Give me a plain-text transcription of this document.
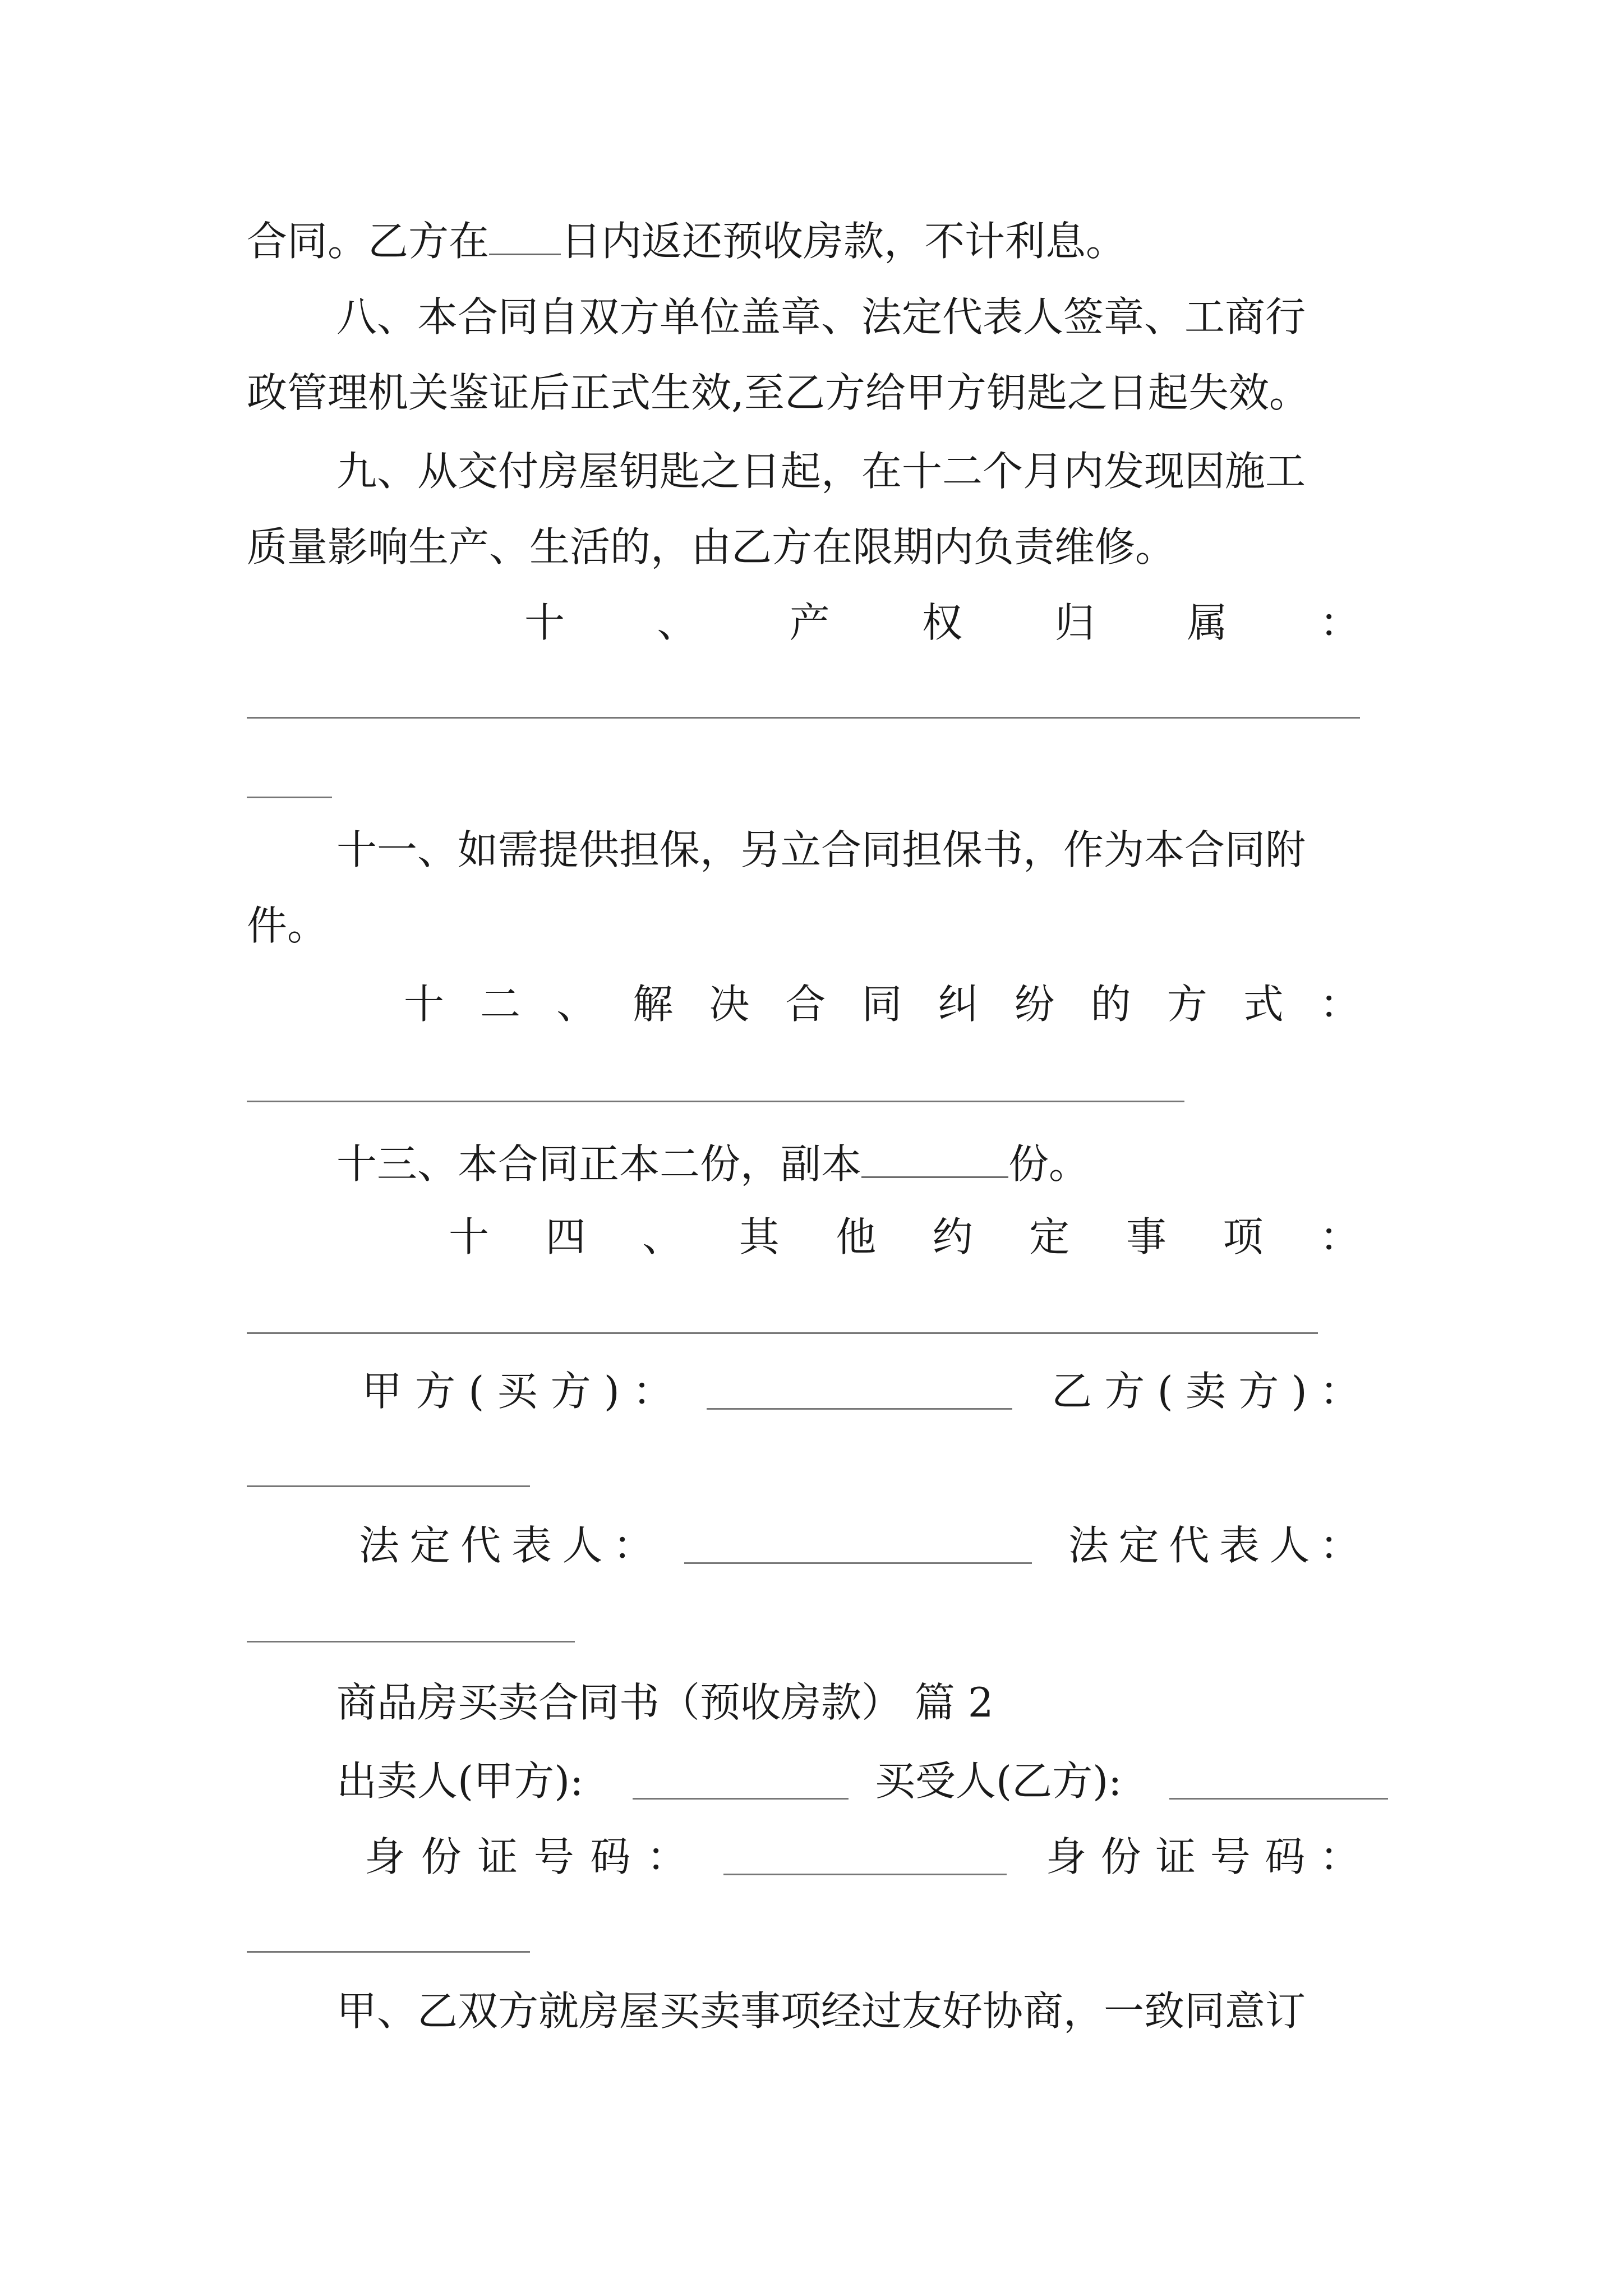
合同。乙方在 日内返还预收房款，不计利息。
八、本合同自双方单位盖章、法定代表人签章、工商行
政管理机关鉴证后正式生效,至乙方给甲方钥匙之日起失效。
九、从交付房屋钥匙之日起，在十二个月内发现因施工
质量影响生产、生活的，由乙方在限期内负责维修。
十 、 产 权 归 属 ：
十一、如需提供担保，另立合同担保书，作为本合同附
件。
十 二 、 解 决 合 同 纠 纷 的 方 式 ：
十三、本合同正本二份，副本	份。
十 四 、 其 他 约 定 事 项 ：
甲 方 ( 买 方 ) ：	乙 方 ( 卖 方 ) ：
法 定 代 表 人 ：	法 定 代 表 人 ：
商品房买卖合同书（预收房款） 篇 2
出卖人(甲方):	买受人(乙方):
身 份 证 号 码 ：	身 份 证 号 码 ：
甲、乙双方就房屋买卖事项经过友好协商，一致同意订
